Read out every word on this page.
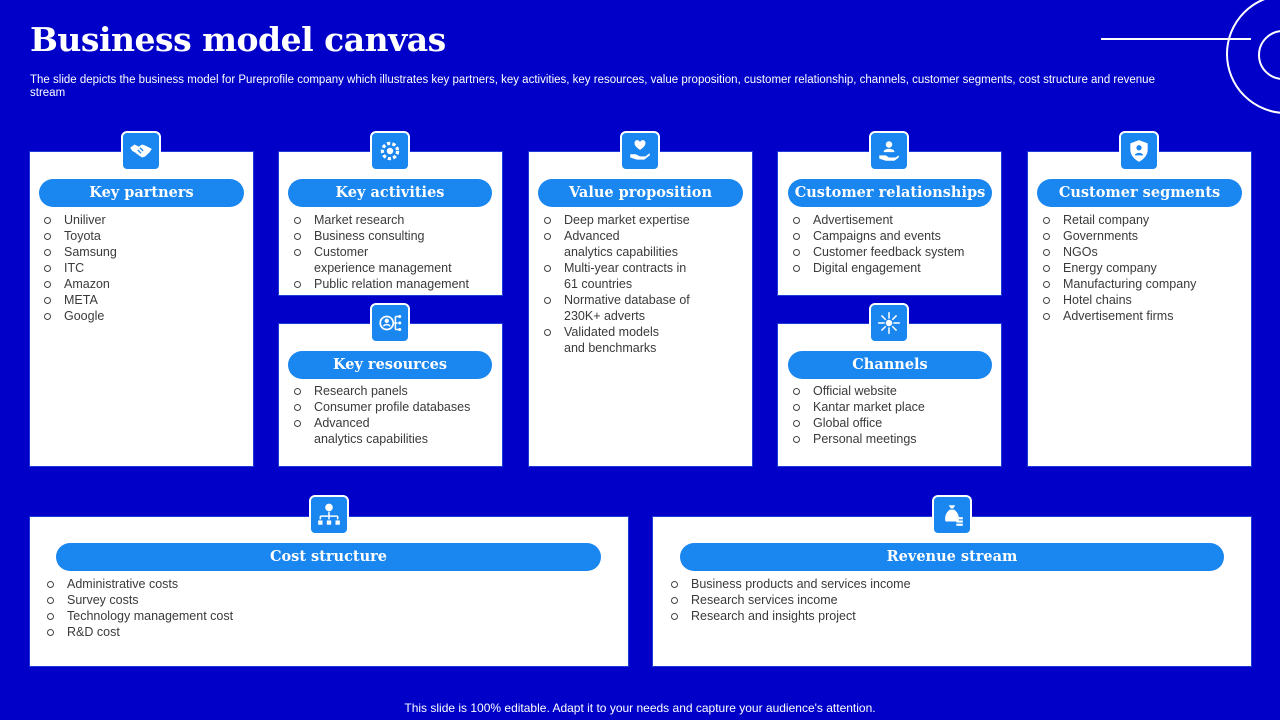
Business model canvas

The slide depicts the business model for Pureprofile company which illustrates key partners, key activities, key resources, value proposition, customer relationship, channels, customer segments, cost structure and revenue stream

Key partners
Uniliver
Toyota
Samsung
ITC
Amazon
META
Google
Key activities
Market research
Business consulting
Customer
experience management
Public relation management
Key resources
Research panels
Consumer profile databases
Advanced
analytics capabilities
Value proposition
Deep market expertise
Advanced
analytics capabilities
Multi-year contracts in
61 countries
Normative database of
230K+ adverts
Validated models
and benchmarks
Customer relationships
Advertisement
Campaigns and events
Customer feedback system
Digital engagement
Channels
Official website
Kantar market place
Global office
Personal meetings
Customer segments
Retail company
Governments
NGOs
Energy company
Manufacturing company
Hotel chains
Advertisement firms
Cost structure
Administrative costs
Survey costs
Technology management cost
R&D cost
Revenue stream
Business products and services income
Research services income
Research and insights project

This slide is 100% editable. Adapt it to your needs and capture your audience's attention.
